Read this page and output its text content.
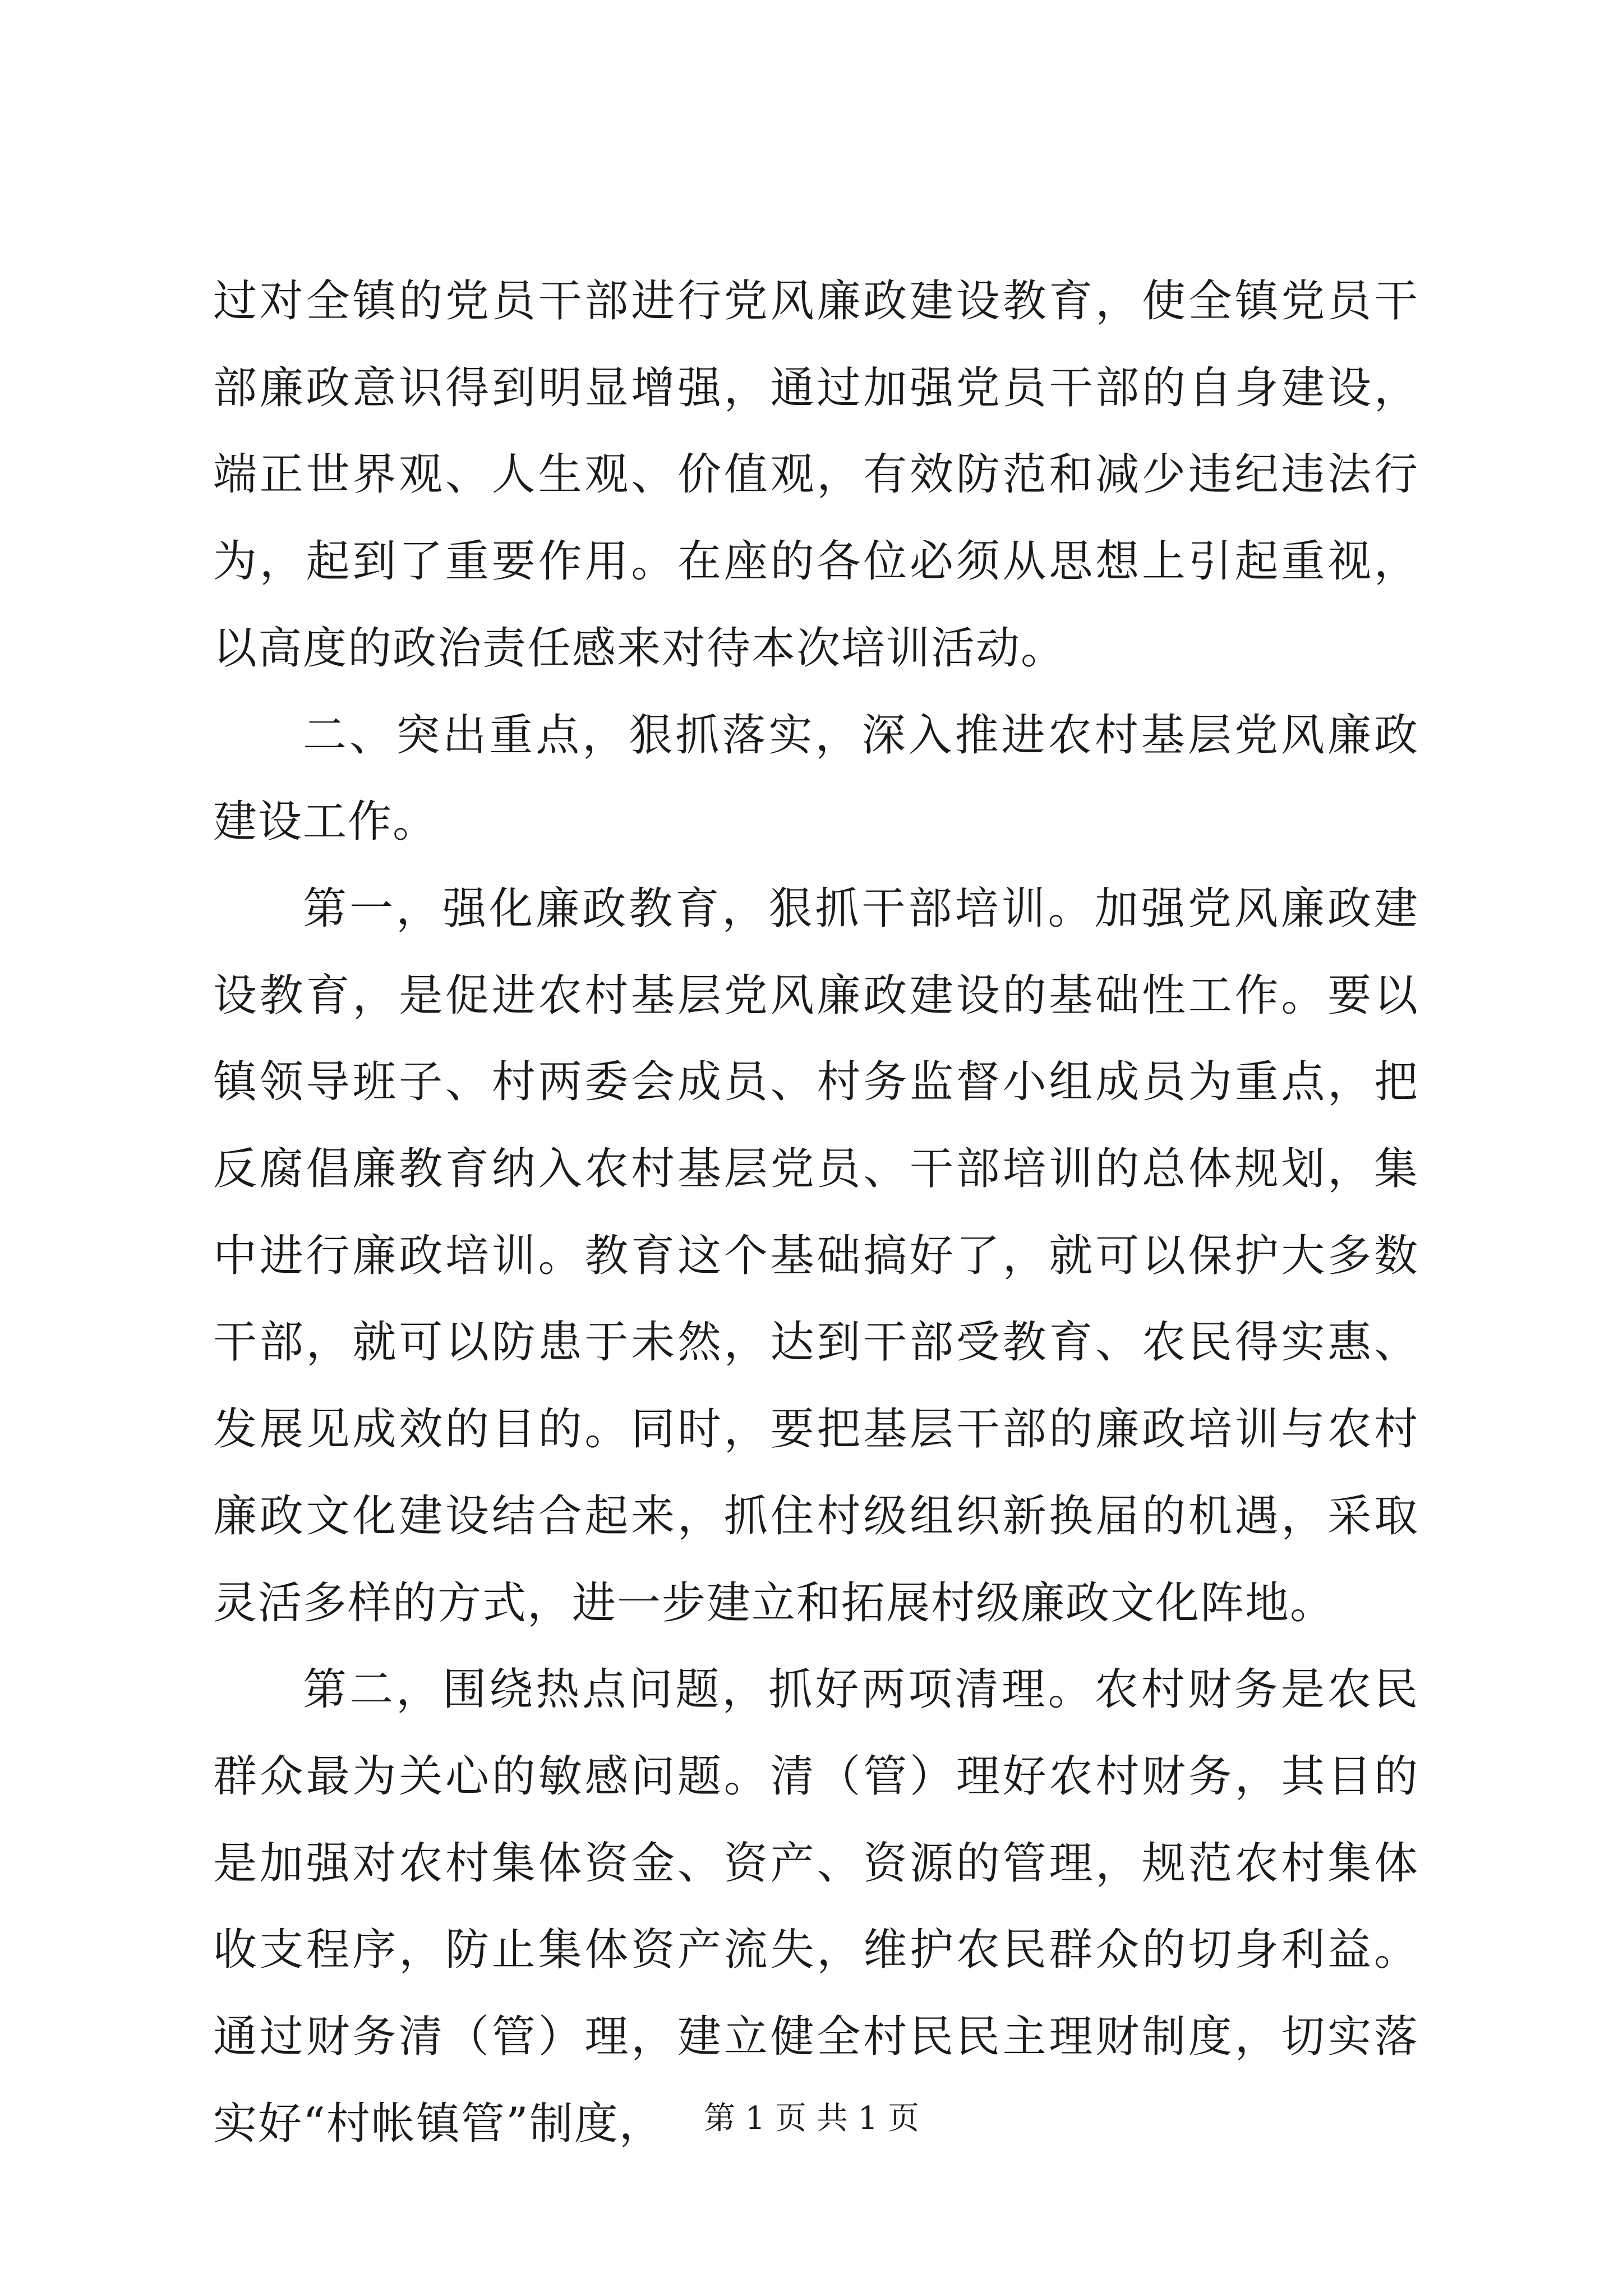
过对全镇的党员干部进行党风廉政建设教育，使全镇党员干部廉政意识得到明显增强，通过加强党员干部的自身建设，端正世界观、人生观、价值观，有效防范和减少违纪违法行为，起到了重要作用。在座的各位必须从思想上引起重视，以高度的政治责任感来对待本次培训活动。

二、突出重点，狠抓落实，深入推进农村基层党风廉政建设工作。

第一，强化廉政教育，狠抓干部培训。加强党风廉政建设教育，是促进农村基层党风廉政建设的基础性工作。要以镇领导班子、村两委会成员、村务监督小组成员为重点，把反腐倡廉教育纳入农村基层党员、干部培训的总体规划，集中进行廉政培训。教育这个基础搞好了，就可以保护大多数干部，就可以防患于未然，达到干部受教育、农民得实惠、发展见成效的目的。同时，要把基层干部的廉政培训与农村廉政文化建设结合起来，抓住村级组织新换届的机遇，采取灵活多样的方式，进一步建立和拓展村级廉政文化阵地。

第二，围绕热点问题，抓好两项清理。农村财务是农民群众最为关心的敏感问题。清（管）理好农村财务，其目的是加强对农村集体资金、资产、资源的管理，规范农村集体收支程序，防止集体资产流失，维护农民群众的切身利益。通过财务清（管）理，建立健全村民民主理财制度，切实落实好“村帐镇管”制度，	第 1 页 共 1 页
